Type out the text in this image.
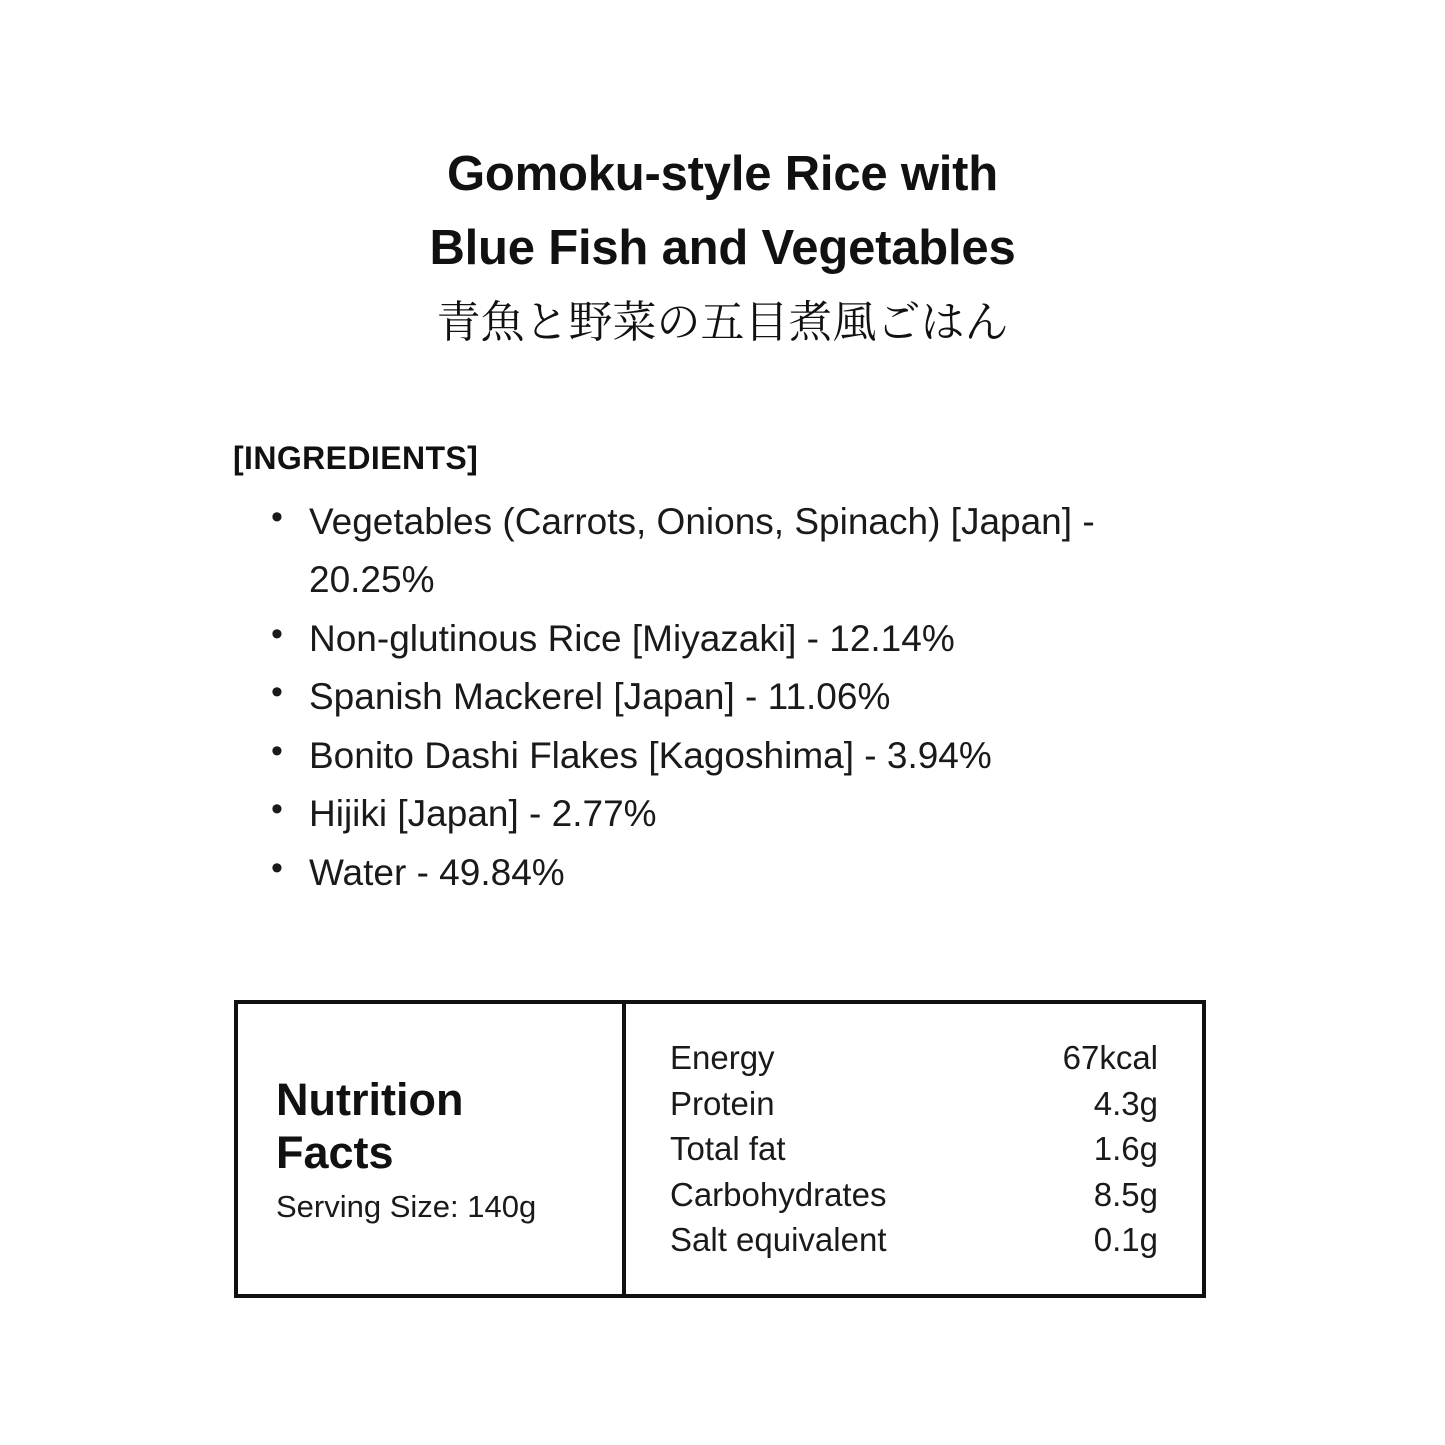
Gomoku-style Rice with
Blue Fish and Vegetables
青魚と野菜の五目煮風ごはん
[INGREDIENTS]
• Vegetables (Carrots, Onions, Spinach) [Japan] - 20.25%
• Non-glutinous Rice [Miyazaki] - 12.14%
• Spanish Mackerel [Japan] - 11.06%
• Bonito Dashi Flakes [Kagoshima] - 3.94%
• Hijiki [Japan] - 2.77%
• Water - 49.84%
Nutrition Facts
Serving Size: 140g
Energy	67kcal
Protein	4.3g
Total fat	1.6g
Carbohydrates	8.5g
Salt equivalent	0.1g
